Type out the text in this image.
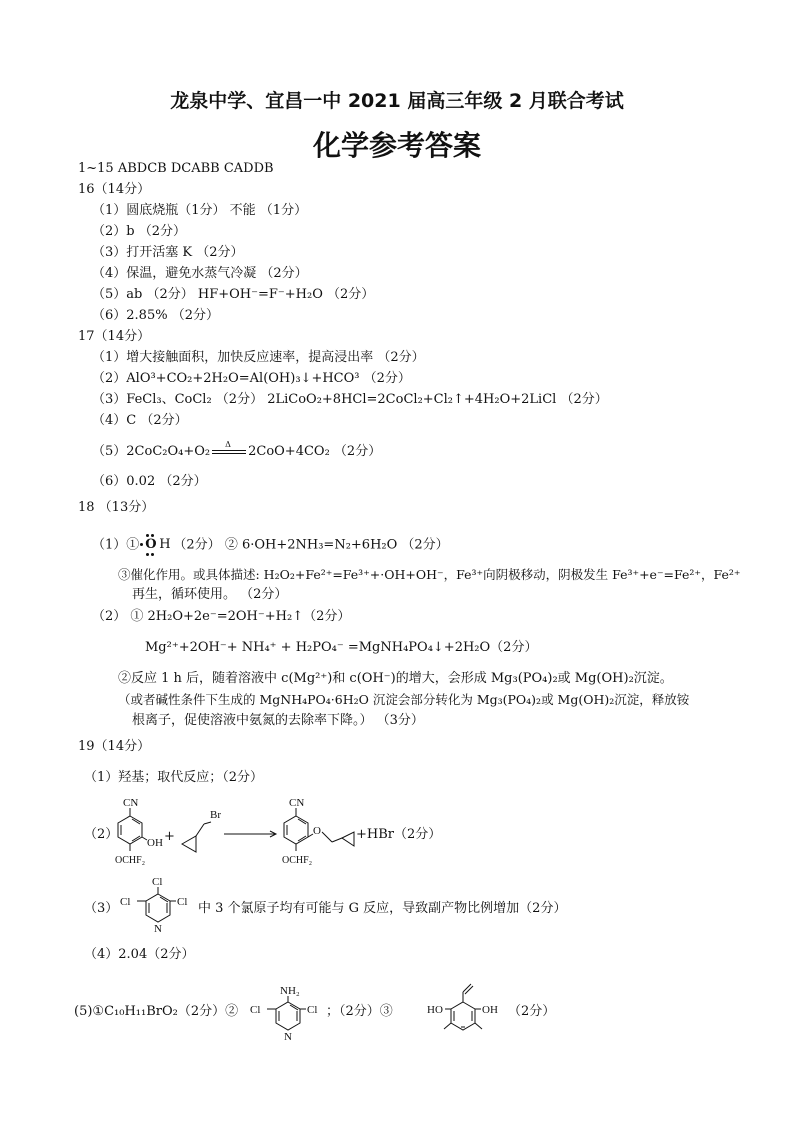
龙泉中学、宜昌一中 2021 届高三年级 2 月联合考试
化学参考答案
1~15 ABDCB DCABB CADDB
16（14分）
（1）圆底烧瓶（1分） 不能 （1分）
（2）b （2分）
（3）打开活塞 K （2分）
（4）保温，避免水蒸气冷凝 （2分）
（5）ab （2分） HF+OH⁻=F⁻+H₂O （2分）
（6）2.85% （2分）
17（14分）
（1）增大接触面积，加快反应速率，提高浸出率 （2分）
（2）AlO³+CO₂+2H₂O=Al(OH)₃↓+HCO³ （2分）
（3）FeCl₃、CoCl₂ （2分） 2LiCoO₂+8HCl=2CoCl₂+Cl₂↑+4H₂O+2LiCl （2分）
（4）C （2分）
（5）2CoC₂O₄+O₂ Δ 2CoO+4CO₂ （2分）
（6）0.02 （2分）
18 （13分）
（1）① O H
（2分） ② 6·OH+2NH₃=N₂+6H₂O （2分）
③催化作用。或具体描述: H₂O₂+Fe²⁺=Fe³⁺+·OH+OH⁻，Fe³⁺向阴极移动，阴极发生 Fe³⁺+e⁻=Fe²⁺，Fe²⁺
再生，循环使用。 （2分）
（2） ① 2H₂O+2e⁻=2OH⁻+H₂↑（2分）
Mg²⁺+2OH⁻+ NH₄⁺ + H₂PO₄⁻ =MgNH₄PO₄↓+2H₂O（2分）
②反应 1 h 后，随着溶液中 c(Mg²⁺)和 c(OH⁻)的增大，会形成 Mg₃(PO₄)₂或 Mg(OH)₂沉淀。
（或者碱性条件下生成的 MgNH₄PO₄·6H₂O 沉淀会部分转化为 Mg₃(PO₄)₂或 Mg(OH)₂沉淀，释放铵
根离子，促使溶液中氨氮的去除率下降。） （3分）
19（14分）
（1）羟基；取代反应；（2分）
（2）
CN
OH
OCHF₂
+
Br
CN
O
OCHF₂
+HBr（2分）
（3）
Cl
Cl	Cl
N
中 3 个氯原子均有可能与 G 反应，导致副产物比例增加（2分）
（4）2.04（2分）
(5)①C₁₀H₁₁BrO₂（2分）②
NH₂
Cl	Cl
N
；（2分）③	HO	OH （2分）
